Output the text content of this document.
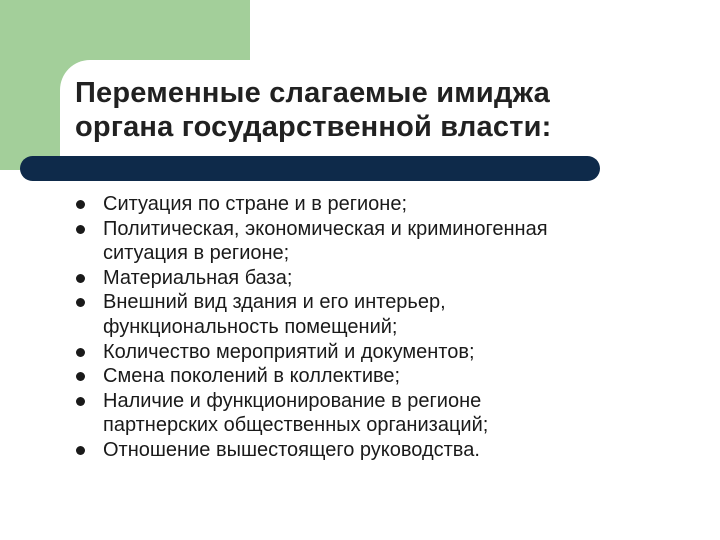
Переменные слагаемые имиджа
органа государственной власти:
Ситуация по стране и в регионе;
Политическая, экономическая и криминогенная
ситуация в регионе;
Материальная база;
Внешний вид здания и его интерьер,
функциональность помещений;
Количество мероприятий и документов;
Смена поколений в коллективе;
Наличие и функционирование в регионе
партнерских общественных организаций;
Отношение вышестоящего руководства.
